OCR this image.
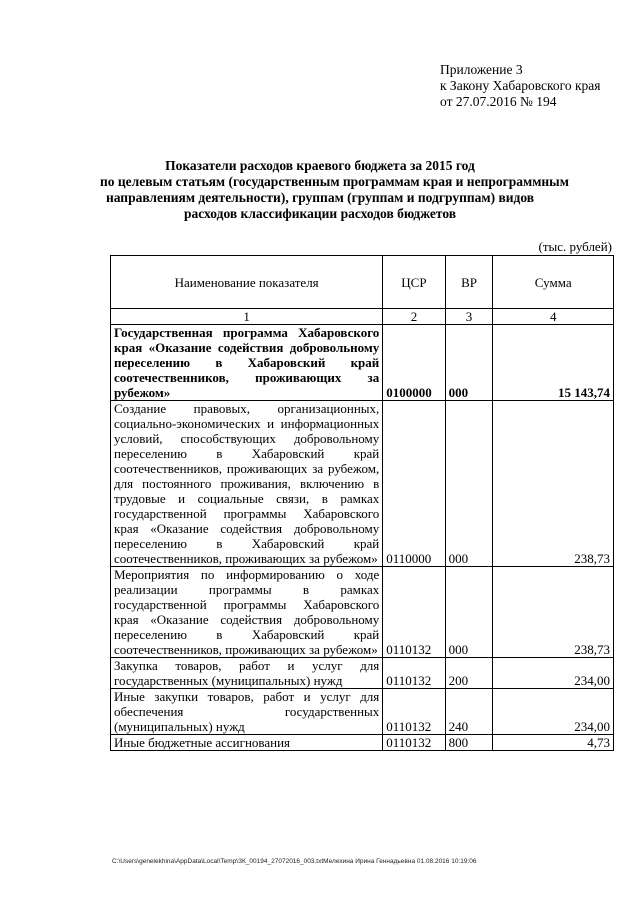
Приложение 3
к Закону Хабаровского края
от 27.07.2016 № 194
Показатели расходов краевого бюджета за 2015 год
по целевым статьям (государственным программам края и непрограммным
направлениям деятельности), группам (группам и подгруппам) видов
расходов классификации расходов бюджетов
(тыс. рублей)
Наименование показателя	ЦСР	ВР	Сумма
1	2	3	4
Государственная программа Хабаровского края «Оказание содействия добровольному переселению в Хабаровский край соотечественников, проживающих за рубежом»	0100000	000	15 143,74
Создание правовых, организационных, социально-экономических и информационных условий, способствующих добровольному переселению в Хабаровский край соотечественников, проживающих за рубежом, для постоянного проживания, включению в трудовые и социальные связи, в рамках государственной программы Хабаровского края «Оказание содействия добровольному переселению в Хабаровский край соотечественников, проживающих за рубежом»	0110000	000	238,73
Мероприятия по информированию о ходе реализации программы в рамках государственной программы Хабаровского края «Оказание содействия добровольному переселению в Хабаровский край соотечественников, проживающих за рубежом»	0110132	000	238,73
Закупка товаров, работ и услуг для государственных (муниципальных) нужд	0110132	200	234,00
Иные закупки товаров, работ и услуг для обеспечения государственных (муниципальных) нужд	0110132	240	234,00
Иные бюджетные ассигнования	0110132	800	4,73
C:\Users\genelekhina\AppData\Local\Temp\ЗК_00194_27072016_003.txtМелехина Ирина Геннадьевна 01.08.2016 10:19:06
